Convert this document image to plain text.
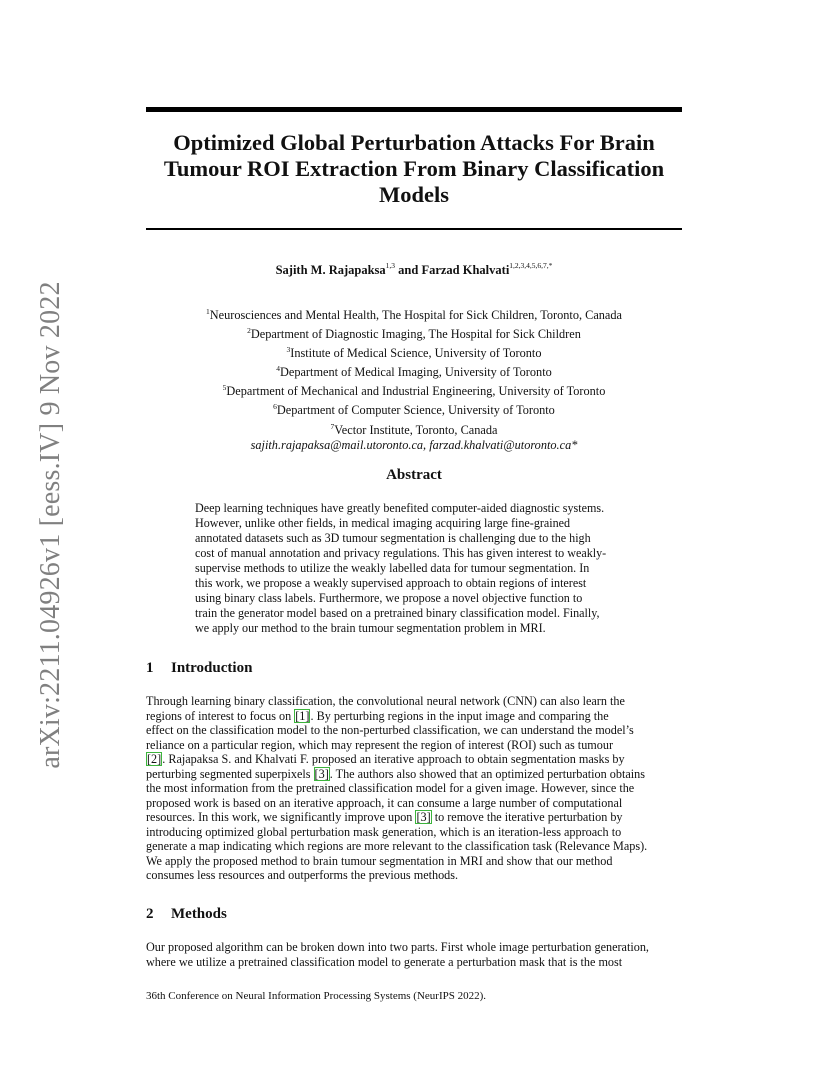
arXiv:2211.04926v1 [eess.IV] 9 Nov 2022
Optimized Global Perturbation Attacks For Brain
Tumour ROI Extraction From Binary Classification
Models
Sajith M. Rajapaksa$^{1,3}$ and Farzad Khalvati$^{1,2,3,4,5,6,7,*}$
$^1$Neurosciences and Mental Health, The Hospital for Sick Children, Toronto, Canada
$^2$Department of Diagnostic Imaging, The Hospital for Sick Children
$^3$Institute of Medical Science, University of Toronto
$^4$Department of Medical Imaging, University of Toronto
$^5$Department of Mechanical and Industrial Engineering, University of Toronto
$^6$Department of Computer Science, University of Toronto
$^7$Vector Institute, Toronto, Canada
sajith.rajapaksa@mail.utoronto.ca, farzad.khalvati@utoronto.ca*
Abstract
Deep learning techniques have greatly benefited computer-aided diagnostic systems.
However, unlike other fields, in medical imaging acquiring large fine-grained
annotated datasets such as 3D tumour segmentation is challenging due to the high
cost of manual annotation and privacy regulations. This has given interest to weakly-
supervise methods to utilize the weakly labelled data for tumour segmentation. In
this work, we propose a weakly supervised approach to obtain regions of interest
using binary class labels. Furthermore, we propose a novel objective function to
train the generator model based on a pretrained binary classification model. Finally,
we apply our method to the brain tumour segmentation problem in MRI.
1 Introduction
Through learning binary classification, the convolutional neural network (CNN) can also learn the
regions of interest to focus on [1]. By perturbing regions in the input image and comparing the
effect on the classification model to the non-perturbed classification, we can understand the model’s
reliance on a particular region, which may represent the region of interest (ROI) such as tumour
[2]. Rajapaksa S. and Khalvati F. proposed an iterative approach to obtain segmentation masks by
perturbing segmented superpixels [3]. The authors also showed that an optimized perturbation obtains
the most information from the pretrained classification model for a given image. However, since the
proposed work is based on an iterative approach, it can consume a large number of computational
resources. In this work, we significantly improve upon [3] to remove the iterative perturbation by
introducing optimized global perturbation mask generation, which is an iteration-less approach to
generate a map indicating which regions are more relevant to the classification task (Relevance Maps).
We apply the proposed method to brain tumour segmentation in MRI and show that our method
consumes less resources and outperforms the previous methods.
2 Methods
Our proposed algorithm can be broken down into two parts. First whole image perturbation generation,
where we utilize a pretrained classification model to generate a perturbation mask that is the most
36th Conference on Neural Information Processing Systems (NeurIPS 2022).
